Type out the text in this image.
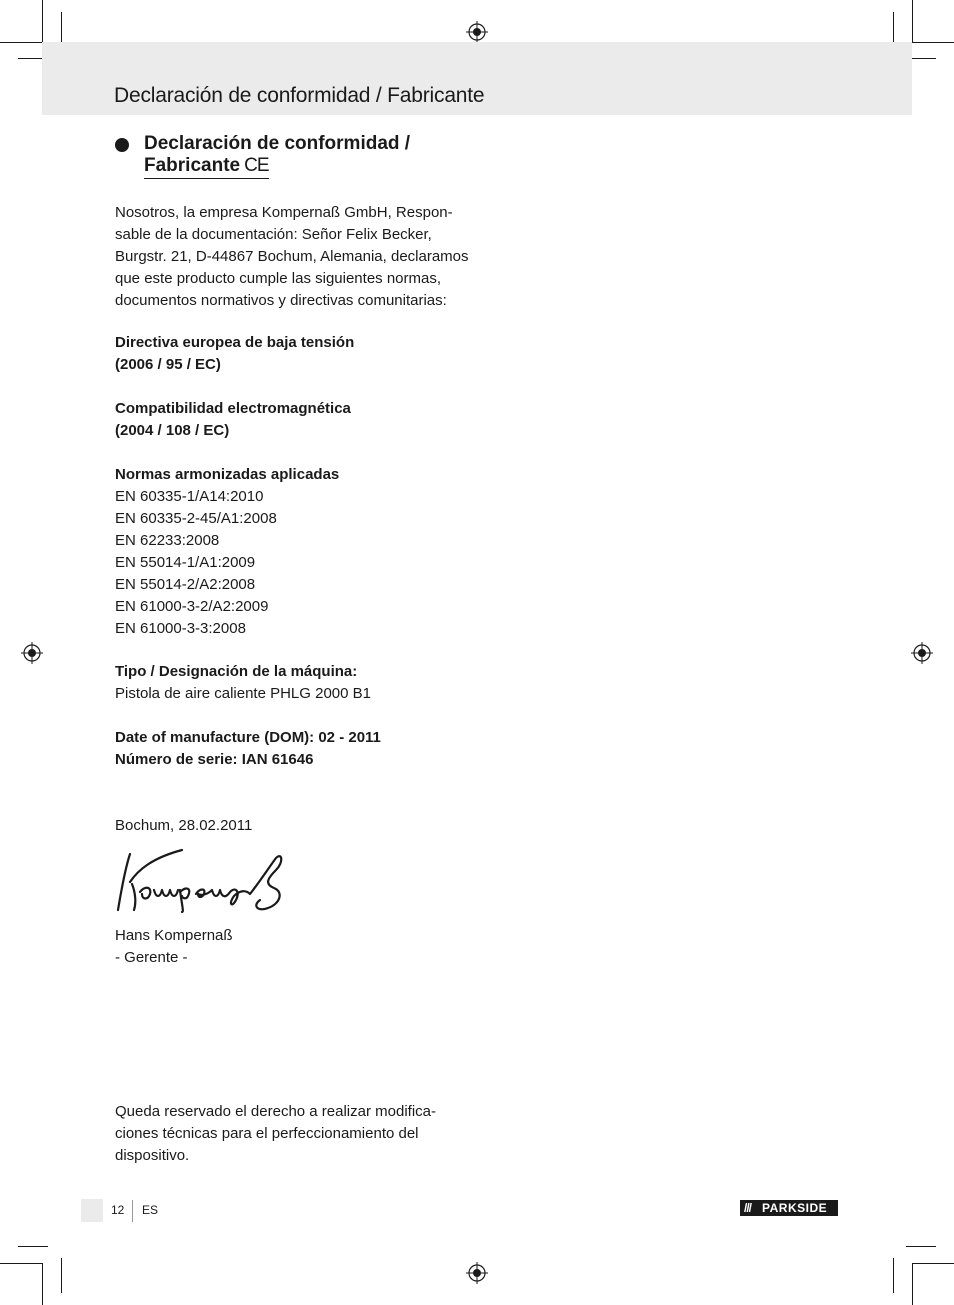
Declaración de conformidad / Fabricante
Declaración de conformidad /
Fabricante CE

Nosotros, la empresa Kompernaß GmbH, Respon-
sable de la documentación: Señor Felix Becker,
Burgstr. 21, D-44867 Bochum, Alemania, declaramos
que este producto cumple las siguientes normas,
documentos normativos y directivas comunitarias:

Directiva europea de baja tensión
(2006 / 95 / EC)

Compatibilidad electromagnética
(2004 / 108 / EC)

Normas armonizadas aplicadas
EN 60335-1/A14:2010
EN 60335-2-45/A1:2008
EN 62233:2008
EN 55014-1/A1:2009
EN 55014-2/A2:2008
EN 61000-3-2/A2:2009
EN 61000-3-3:2008
Tipo / Designación de la máquina:
Pistola de aire caliente PHLG 2000 B1
Date of manufacture (DOM): 02 - 2011
Número de serie: IAN 61646
Bochum, 28.02.2011
Hans Kompernaß
- Gerente -

Queda reservado el derecho a realizar modifica-
ciones técnicas para el perfeccionamiento del
dispositivo.

12 ES	/// PARKSIDE
